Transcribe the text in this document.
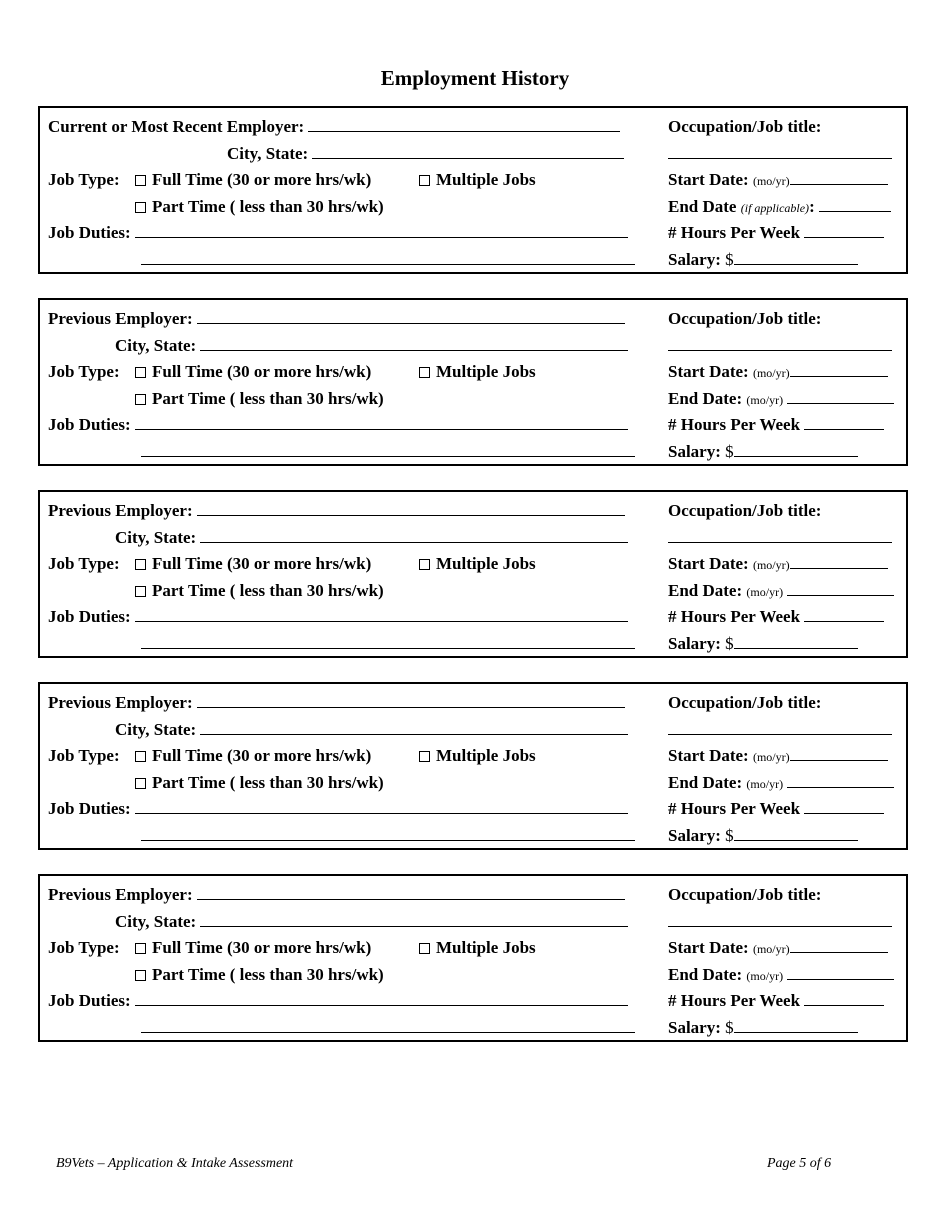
Employment History
Current or Most Recent Employer:
City, State:
Job Type:	Full Time (30 or more hrs/wk)	Multiple Jobs
Part Time ( less than 30 hrs/wk)
Job Duties:
Occupation/Job title:
Start Date: (mo/yr)
End Date (if applicable):
# Hours Per Week
Salary: $
Previous Employer:
City, State:
Job Type:	Full Time (30 or more hrs/wk)	Multiple Jobs
Part Time ( less than 30 hrs/wk)
Job Duties:
Occupation/Job title:
Start Date: (mo/yr)
End Date: (mo/yr)
# Hours Per Week
Salary: $
Previous Employer:
City, State:
Job Type:	Full Time (30 or more hrs/wk)	Multiple Jobs
Part Time ( less than 30 hrs/wk)
Job Duties:
Occupation/Job title:
Start Date: (mo/yr)
End Date: (mo/yr)
# Hours Per Week
Salary: $
Previous Employer:
City, State:
Job Type:	Full Time (30 or more hrs/wk)	Multiple Jobs
Part Time ( less than 30 hrs/wk)
Job Duties:
Occupation/Job title:
Start Date: (mo/yr)
End Date: (mo/yr)
# Hours Per Week
Salary: $
Previous Employer:
City, State:
Job Type:	Full Time (30 or more hrs/wk)	Multiple Jobs
Part Time ( less than 30 hrs/wk)
Job Duties:
Occupation/Job title:
Start Date: (mo/yr)
End Date: (mo/yr)
# Hours Per Week
Salary: $
B9Vets – Application & Intake Assessment	Page 5 of 6
